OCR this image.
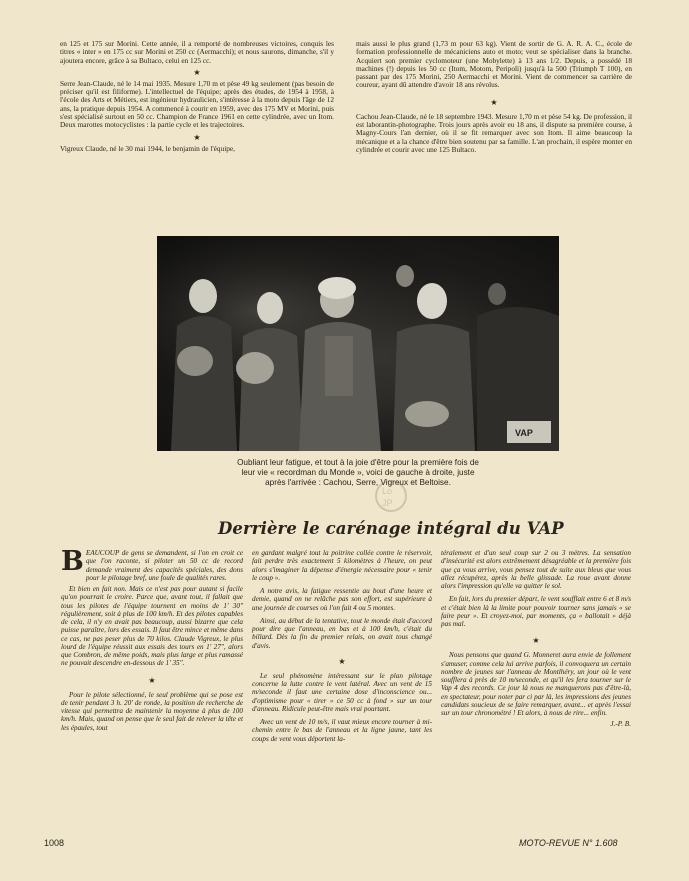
en 125 et 175 sur Morini. Cette année, il a remporté de nombreuses victoires, conquis les titres « inter » en 175 cc sur Morini et 250 cc (Aermacchi); et nous saurons, dimanche, s'il y ajoutera encore, grâce à sa Bultaco, celui en 125 cc.

★

Serre Jean-Claude, né le 14 mai 1935. Mesure 1,70 m et pèse 49 kg seulement (pas besoin de préciser qu'il est filiforme). L'intellectuel de l'équipe; après des études, de 1954 à 1958, à l'école des Arts et Métiers, est ingénieur hydraulicien, s'intéresse à la moto depuis l'âge de 12 ans, la pratique depuis 1954. A commencé à courir en 1959, avec des 175 MV et Morini, puis s'est spécialisé surtout en 50 cc. Champion de France 1961 en cette cylindrée, avec un Itom. Deux marottes motocyclistes : la partie cycle et les trajectoires.

★

Vigreux Claude, né le 30 mai 1944, le benjamin de l'équipe,

mais aussi le plus grand (1,73 m pour 63 kg). Vient de sortir de G. A. R. A. C., école de formation professionnelle de mécaniciens auto et moto; veut se spécialiser dans la branche. Acquiert son premier cyclomoteur (une Mobylette) à 13 ans 1/2. Depuis, a possédé 18 machines (!) depuis les 50 cc (Itom, Motom, Peripoli) jusqu'à la 500 (Triumph T 100), en passant par des 175 Morini, 250 Aermacchi et Morini. Vient de commencer sa carrière de coureur, ayant dû attendre d'avoir 18 ans révolus.

★

Cachou Jean-Claude, né le 18 septembre 1943. Mesure 1,70 m et pèse 54 kg. De profession, il est laborantin-photographe. Trois jours après avoir eu 18 ans, il dispute sa première course, à Magny-Cours l'an dernier, où il se fit remarquer avec son Itom. Il aime beaucoup la mécanique et a la chance d'être bien soutenu par sa famille. L'an prochain, il espère monter en cylindrée et courir avec une 125 Bultaco.

VAP
Oubliant leur fatigue, et tout à la joie d'être pour la première fois de leur vie « recordman du Monde », voici de gauche à droite, juste après l'arrivée : Cachou, Serre, Vigreux et Beltoise.
Lo
JP
Derrière le carénage intégral du VAP

BEAUCOUP de gens se demandent, si l'on en croit ce que l'on raconte, si piloter un 50 cc de record demande vraiment des capacités spéciales, des dons pour le pilotage bref, une foule de qualités rares.

Et bien en fait non. Mais ce n'est pas pour autant si facile qu'on pourrait le croire. Parce que, avant tout, il fallait que tous les pilotes de l'équipe tournent en moins de 1' 30" régulièrement, soit à plus de 100 km/h. Et des pilotes capables de cela, il n'y en avait pas beaucoup, aussi bizarre que cela puisse paraître, lors des essais. Il faut être mince et même dans ce cas, ne pas peser plus de 70 kilos. Claude Vigreux, le plus lourd de l'équipe réussit aux essais des tours en 1' 27", alors que Combron, de même poids, mais plus large et plus ramassé ne pouvait descendre en-dessous de 1' 35".

★

Pour le pilote sélectionné, le seul problème qui se pose est de tenir pendant 3 h. 20' de ronde, la position de recherche de vitesse qui permettra de maintenir la moyenne à plus de 100 km/h. Mais, quand on pense que le seul fait de relever la tête et les épaules, tout

en gardant malgré tout la poitrine collée contre le réservoir, fait perdre très exactement 5 kilomètres à l'heure, on peut alors s'imaginer la dépense d'énergie nécessaire pour « tenir le coup ».

A notre avis, la fatigue ressentie au bout d'une heure et demie, quand on ne relâche pas son effort, est supérieure à une journée de courses où l'on fait 4 ou 5 montes.

Ainsi, au début de la tentative, tout le monde était d'accord pour dire que l'anneau, en bas et à 100 km/h, c'était du billard. Dès la fin du premier relais, on avait tous changé d'avis.

★

Le seul phénomène intéressant sur le plan pilotage concerne la lutte contre le vent latéral. Avec un vent de 15 m/seconde il faut une certaine dose d'inconscience ou... d'optimisme pour « tirer » ce 50 cc à fond » sur un tour d'anneau. Ridicule peut-être mais vrai pourtant.

Avec un vent de 10 m/s, il vaut mieux encore tourner à mi-chemin entre le bas de l'anneau et la ligne jaune, tant les coups de vent vous déportent la-

téralement et d'un seul coup sur 2 ou 3 mètres. La sensation d'insécurité est alors extrêmement désagréable et la première fois que ça vous arrive, vous pensez tout de suite aux bleus que vous allez récupérez, après la belle glissade. La roue avant donne alors l'impression qu'elle va quitter le sol.

En fait, lors du premier départ, le vent soufflait entre 6 et 8 m/s et c'était bien là la limite pour pouvoir tourner sans jamais « se faire peur ». Et croyez-moi, par moments, ça « ballotait » déjà pas mal.

★

Nous pensons que quand G. Monneret aura envie de follement s'amuser, comme cela lui arrive parfois, il convoquera un certain nombre de jeunes sur l'anneau de Montlhéry, un jour où le vent soufflera à près de 10 m/seconde, et qu'il les fera tourner sur le Vap 4 des records. Ce jour là nous ne manquerons pas d'être-là, en spectateur, pour noter par ci par là, les impressions des jeunes candidats soucieux de se faire remarquer, avant... et après l'essai sur un tour chronométré ! Et alors, à nous de rire... enfin.

J.-P. B.
1008	MOTO-REVUE N° 1.608
